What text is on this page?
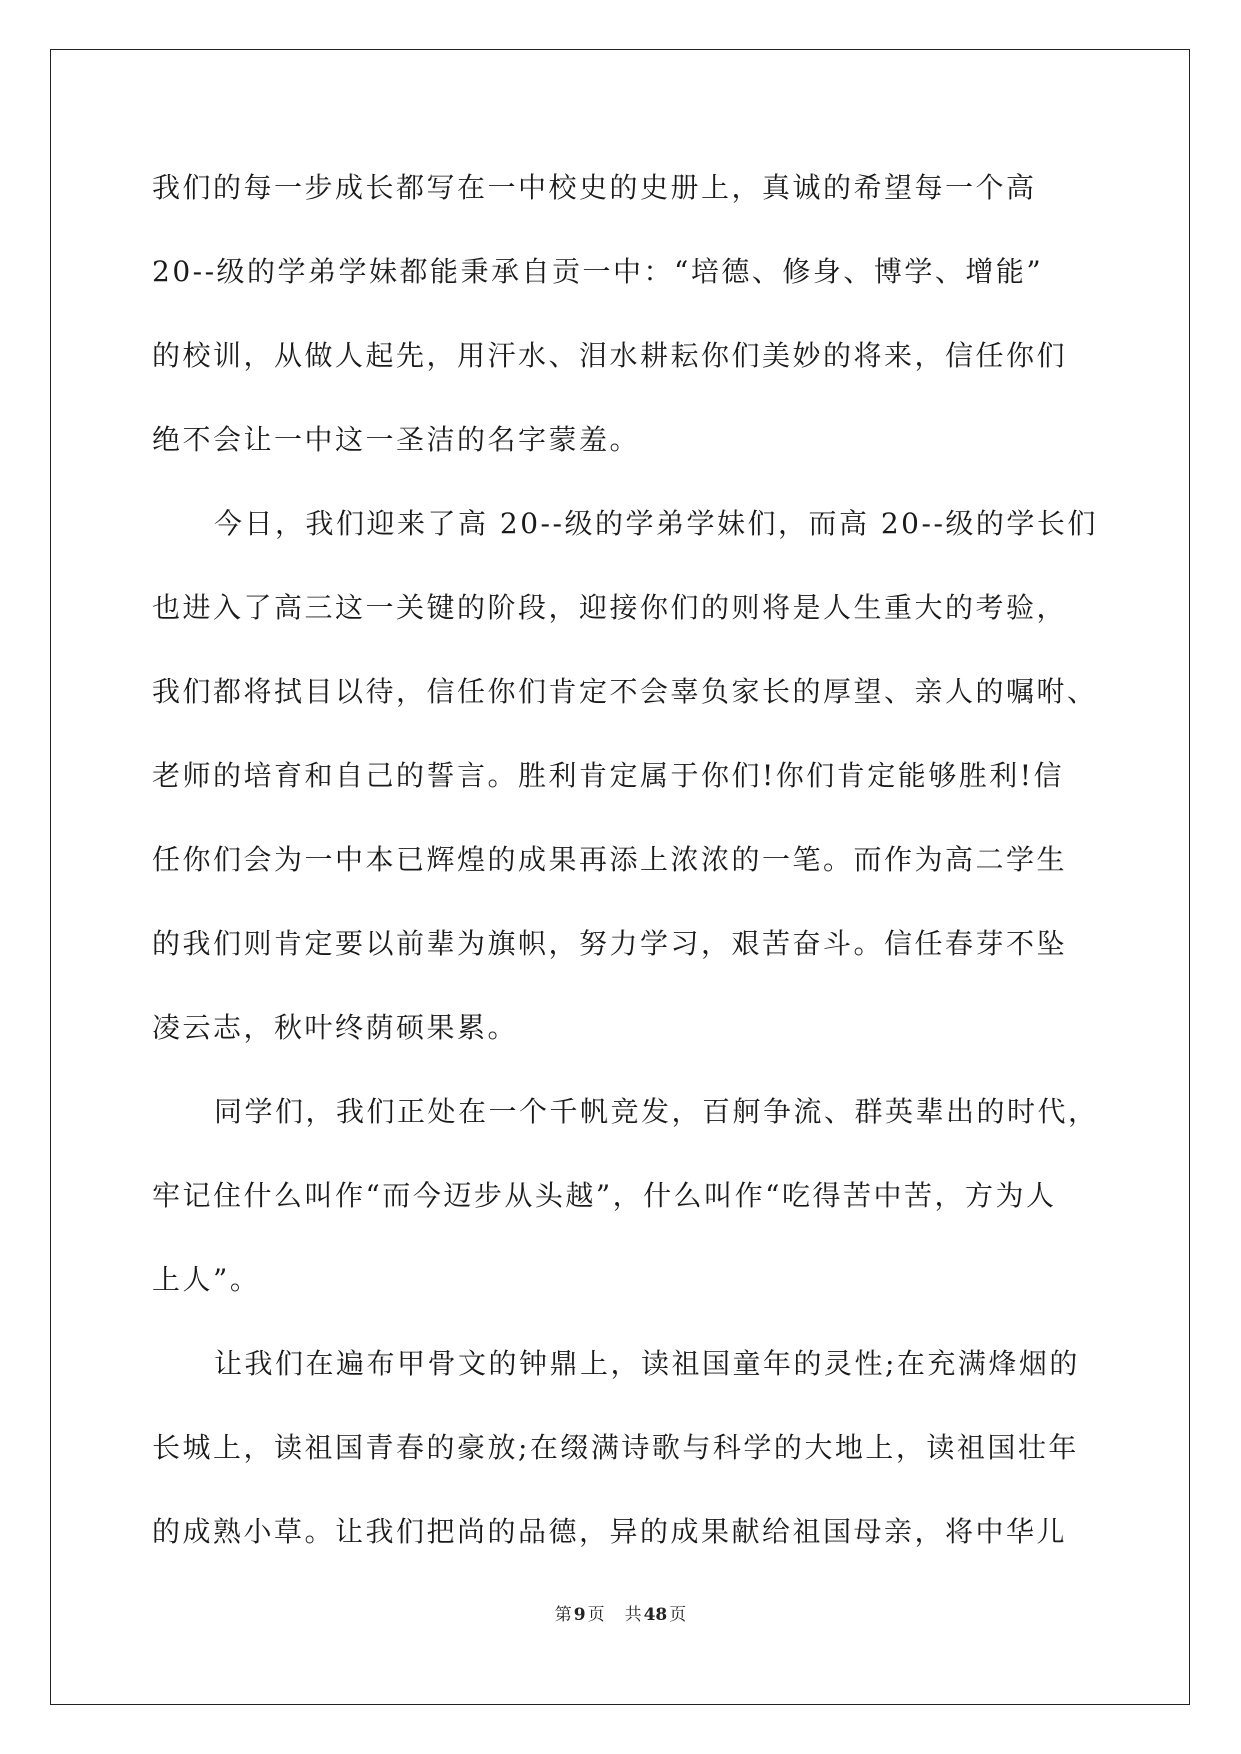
我们的每一步成长都写在一中校史的史册上，真诚的希望每一个高
20--级的学弟学妹都能秉承自贡一中：“培德、修身、博学、增能”
的校训，从做人起先，用汗水、泪水耕耘你们美妙的将来，信任你们
绝不会让一中这一圣洁的名字蒙羞。
今日，我们迎来了高 20--级的学弟学妹们，而高 20--级的学长们
也进入了高三这一关键的阶段，迎接你们的则将是人生重大的考验，
我们都将拭目以待，信任你们肯定不会辜负家长的厚望、亲人的嘱咐、
老师的培育和自己的誓言。胜利肯定属于你们!你们肯定能够胜利!信
任你们会为一中本已辉煌的成果再添上浓浓的一笔。而作为高二学生
的我们则肯定要以前辈为旗帜，努力学习，艰苦奋斗。信任春芽不坠
凌云志，秋叶终荫硕果累。
同学们，我们正处在一个千帆竞发，百舸争流、群英辈出的时代，
牢记住什么叫作“而今迈步从头越”，什么叫作“吃得苦中苦，方为人
上人”。
让我们在遍布甲骨文的钟鼎上，读祖国童年的灵性;在充满烽烟的
长城上，读祖国青春的豪放;在缀满诗歌与科学的大地上，读祖国壮年
的成熟小草。让我们把尚的品德，异的成果献给祖国母亲，将中华儿
第 9 页 共 48 页
